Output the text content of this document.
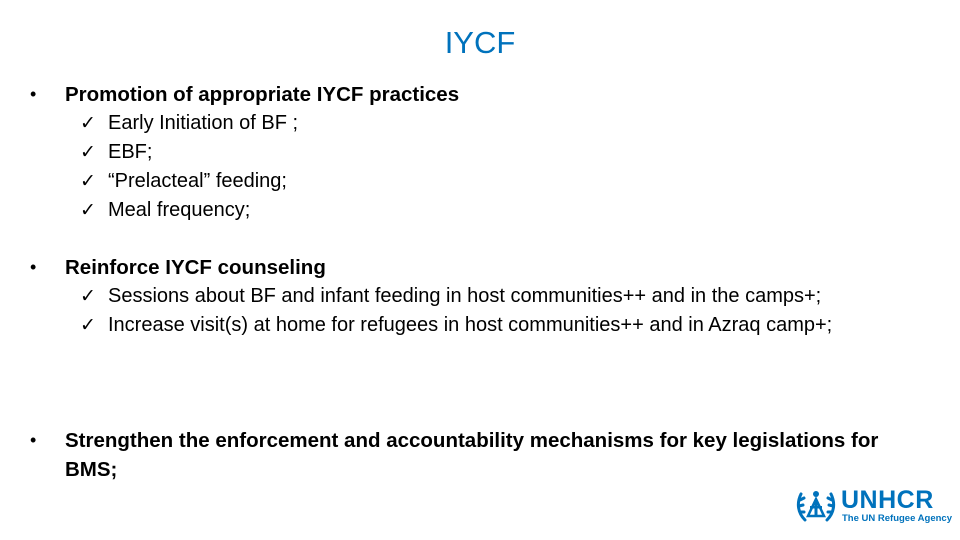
IYCF
• Promotion of appropriate IYCF practices
✓ Early Initiation of BF ;
✓ EBF;
✓ “Prelacteal” feeding;
✓ Meal frequency;
• Reinforce IYCF counseling
✓ Sessions about BF and infant feeding in host communities++ and in the camps+;
✓ Increase visit(s) at home for refugees in host communities++ and in Azraq camp+;
• Strengthen the enforcement and accountability mechanisms for key legislations for BMS;
UNHCR
The UN Refugee Agency
